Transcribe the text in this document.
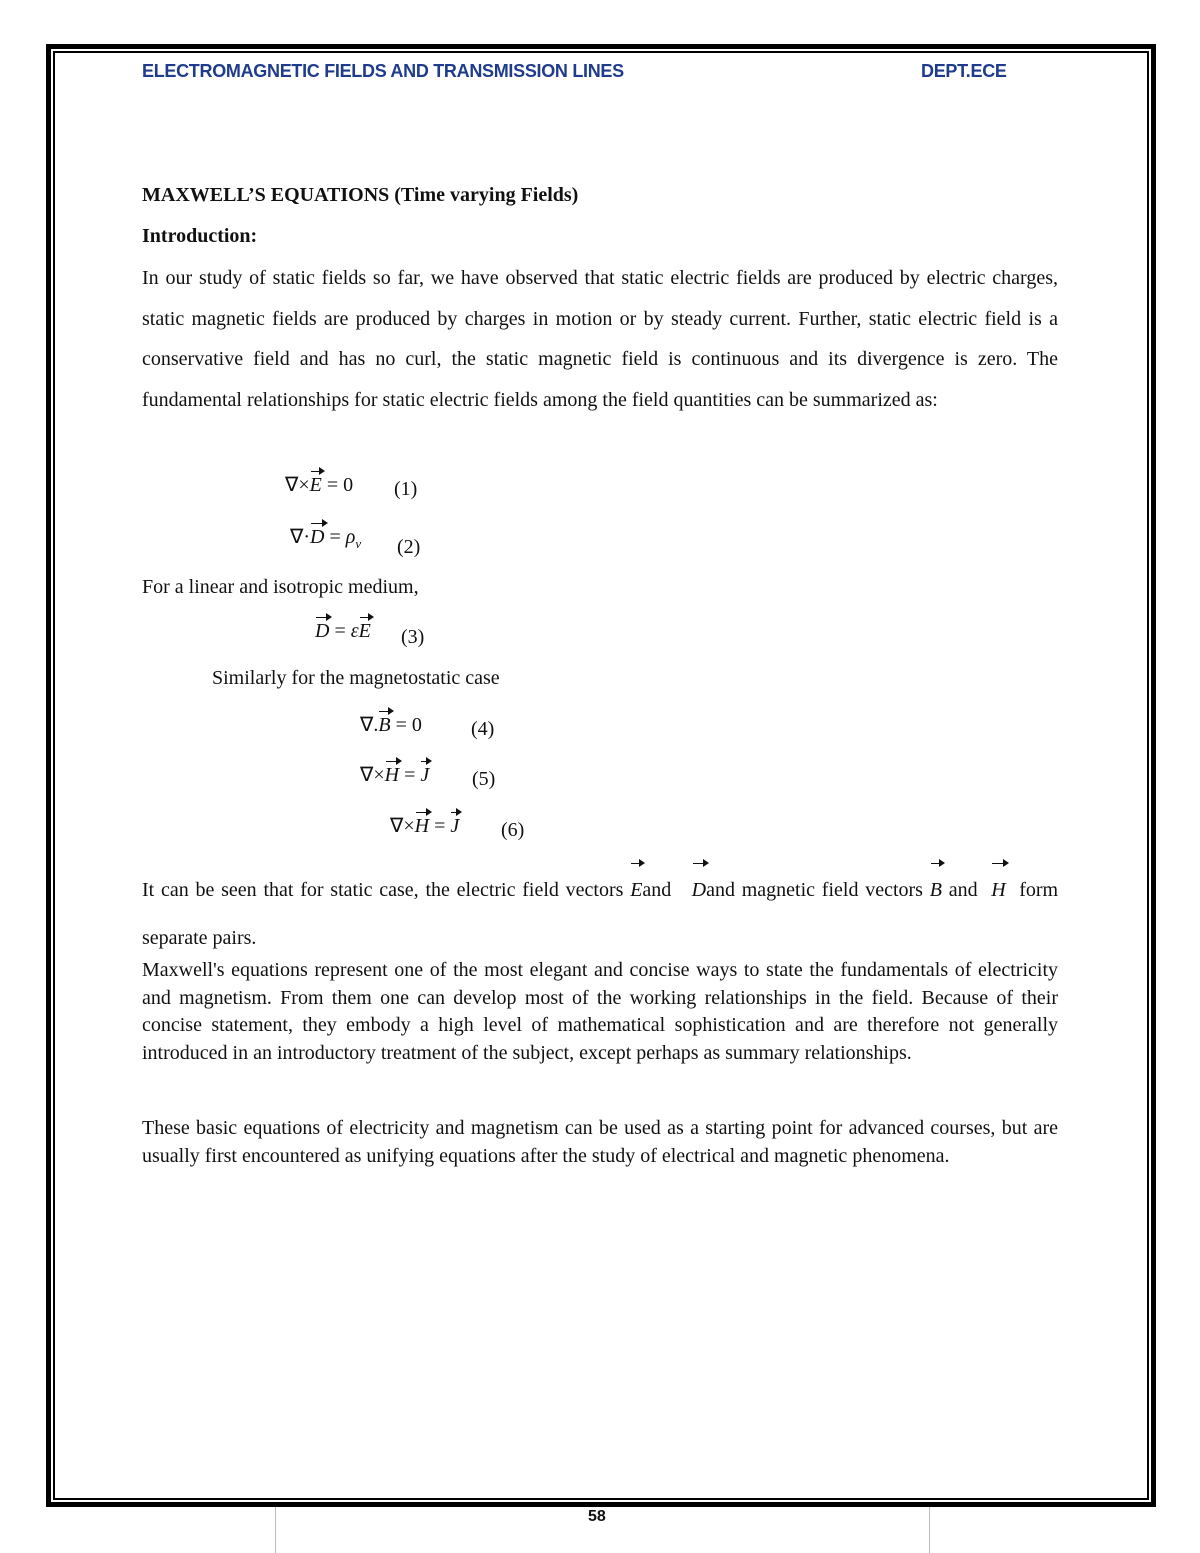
ELECTROMAGNETIC FIELDS AND TRANSMISSION LINES	DEPT.ECE
MAXWELL’S EQUATIONS (Time varying Fields)
Introduction:
In our study of static fields so far, we have observed that static electric fields are produced by electric charges, static magnetic fields are produced by charges in motion or by steady current. Further, static electric field is a conservative field and has no curl, the static magnetic field is continuous and its divergence is zero. The fundamental relationships for static electric fields among the field quantities can be summarized as:
∇×E = 0 (1)
$\nabla\cdot D = \rho_v$ (2)
For a linear and isotropic medium,
D = εE (3)
Similarly for the magnetostatic case
∇.B = 0 (4)
∇×H = J (5)
∇×H = J (6)
It can be seen that for static case, the electric field vectors Eand Dand magnetic field vectors B and H form separate pairs.
Maxwell's equations represent one of the most elegant and concise ways to state the fundamentals of electricity and magnetism. From them one can develop most of the working relationships in the field. Because of their concise statement, they embody a high level of mathematical sophistication and are therefore not generally introduced in an introductory treatment of the subject, except perhaps as summary relationships.
These basic equations of electricity and magnetism can be used as a starting point for advanced courses, but are usually first encountered as unifying equations after the study of electrical and magnetic phenomena.
58
